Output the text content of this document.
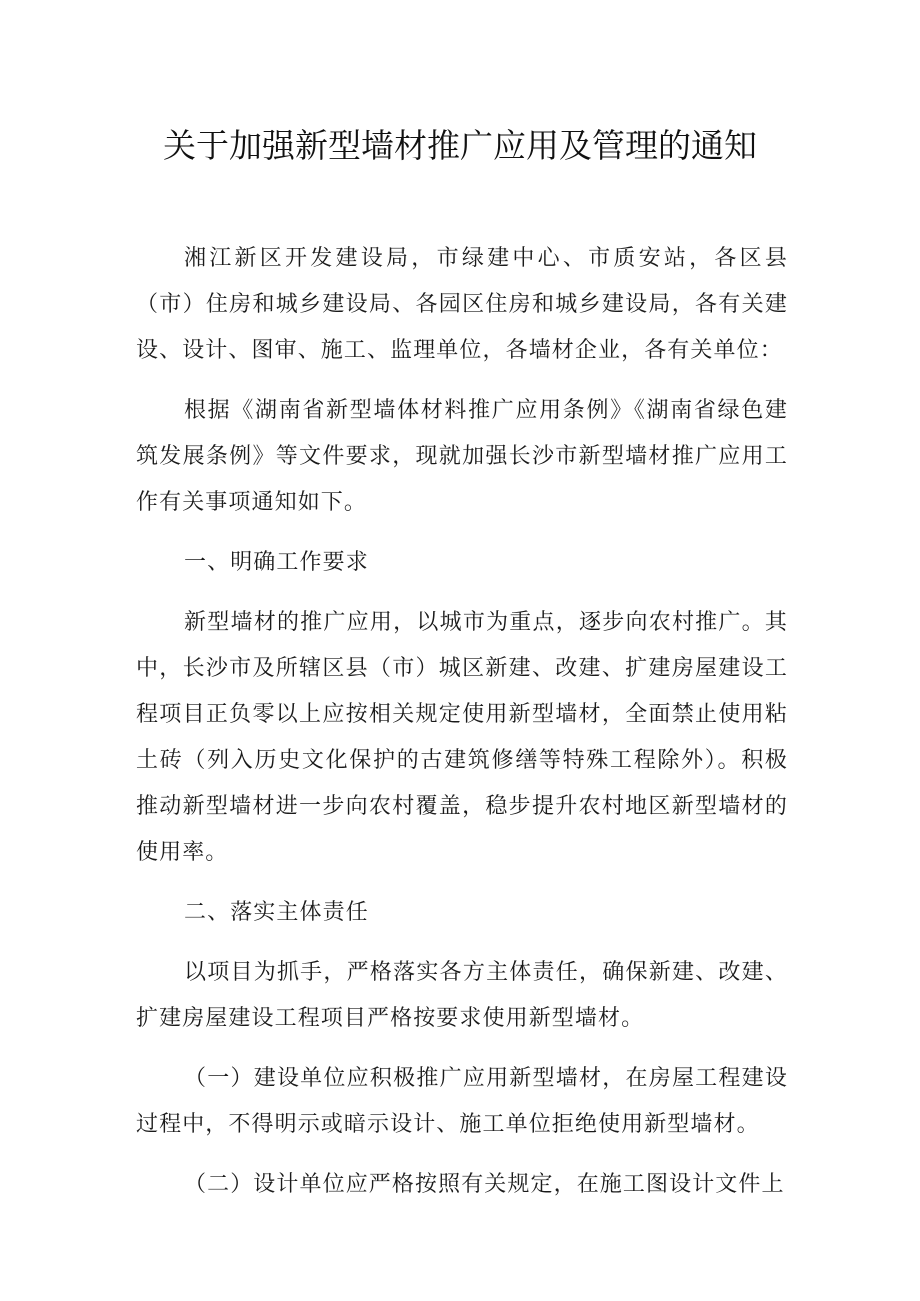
关于加强新型墙材推广应用及管理的通知

湘江新区开发建设局，市绿建中心、市质安站，各区县（市）住房和城乡建设局、各园区住房和城乡建设局，各有关建设、设计、图审、施工、监理单位，各墙材企业，各有关单位：

根据《湖南省新型墙体材料推广应用条例》《湖南省绿色建筑发展条例》等文件要求，现就加强长沙市新型墙材推广应用工作有关事项通知如下。

一、明确工作要求

新型墙材的推广应用，以城市为重点，逐步向农村推广。其中，长沙市及所辖区县（市）城区新建、改建、扩建房屋建设工程项目正负零以上应按相关规定使用新型墙材，全面禁止使用粘土砖（列入历史文化保护的古建筑修缮等特殊工程除外）。积极推动新型墙材进一步向农村覆盖，稳步提升农村地区新型墙材的使用率。

二、落实主体责任

以项目为抓手，严格落实各方主体责任，确保新建、改建、扩建房屋建设工程项目严格按要求使用新型墙材。

（一）建设单位应积极推广应用新型墙材，在房屋工程建设过程中，不得明示或暗示设计、施工单位拒绝使用新型墙材。

（二）设计单位应严格按照有关规定，在施工图设计文件上
